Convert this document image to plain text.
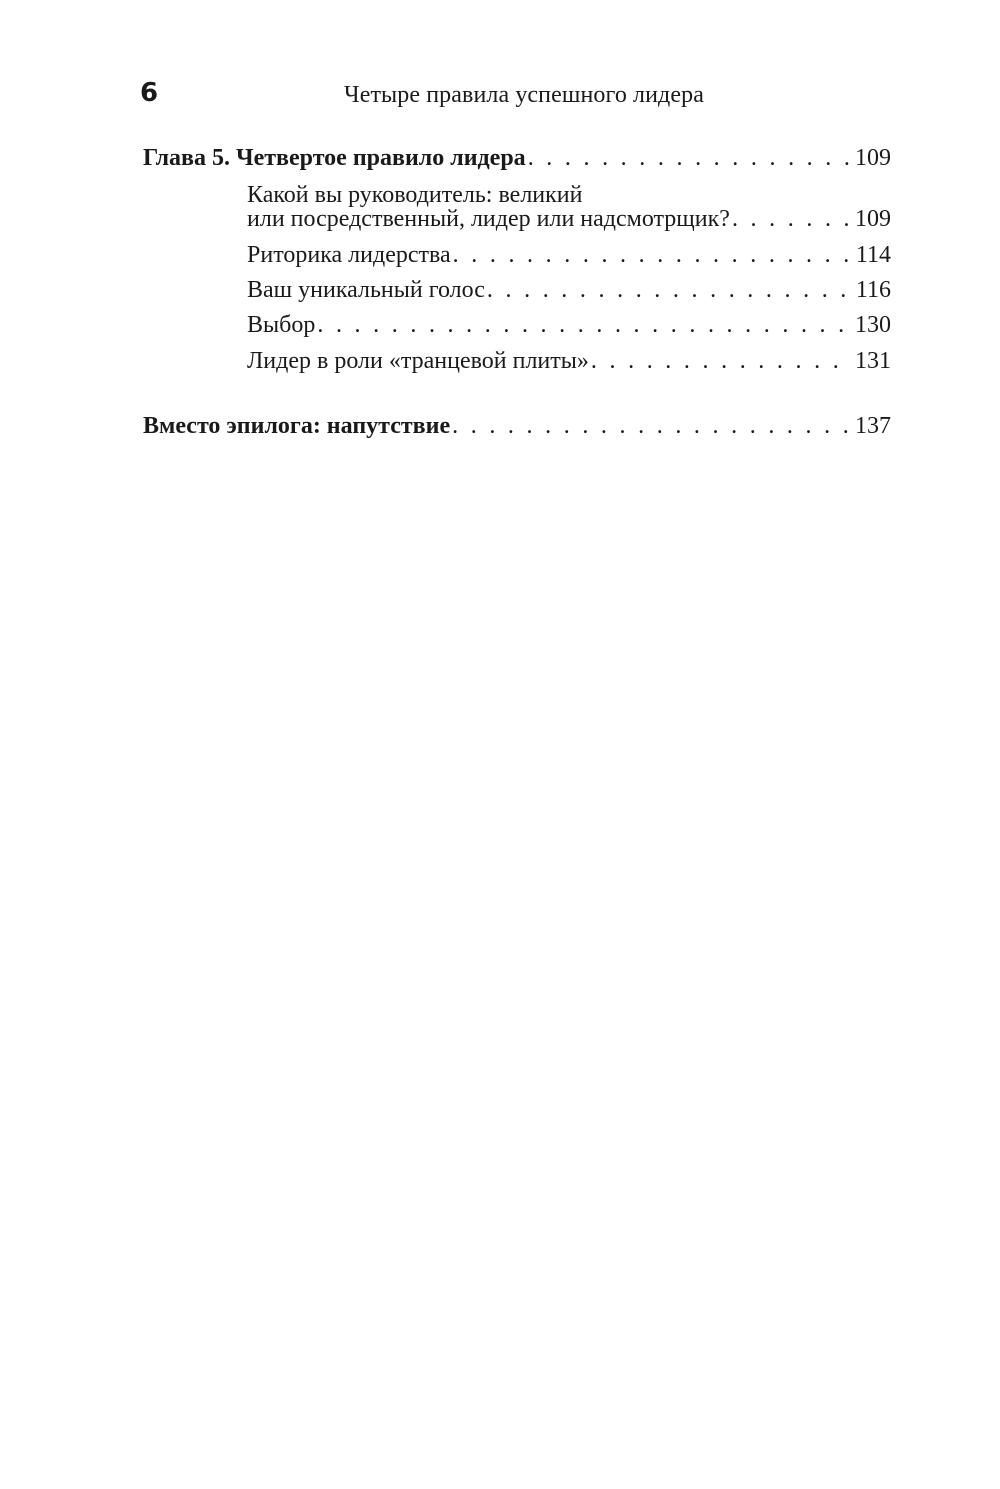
6	Четыре правила успешного лидера
Глава 5. Четвертое правило лидера . . .	109
Какой вы руководитель: великий
или посредственный, лидер или надсмотрщик? . . .	109
Риторика лидерства . . .	114
Ваш уникальный голос . . .	116
Выбор . . .	130
Лидер в роли «транцевой плиты» . . .	131
Вместо эпилога: напутствие . . .	137
